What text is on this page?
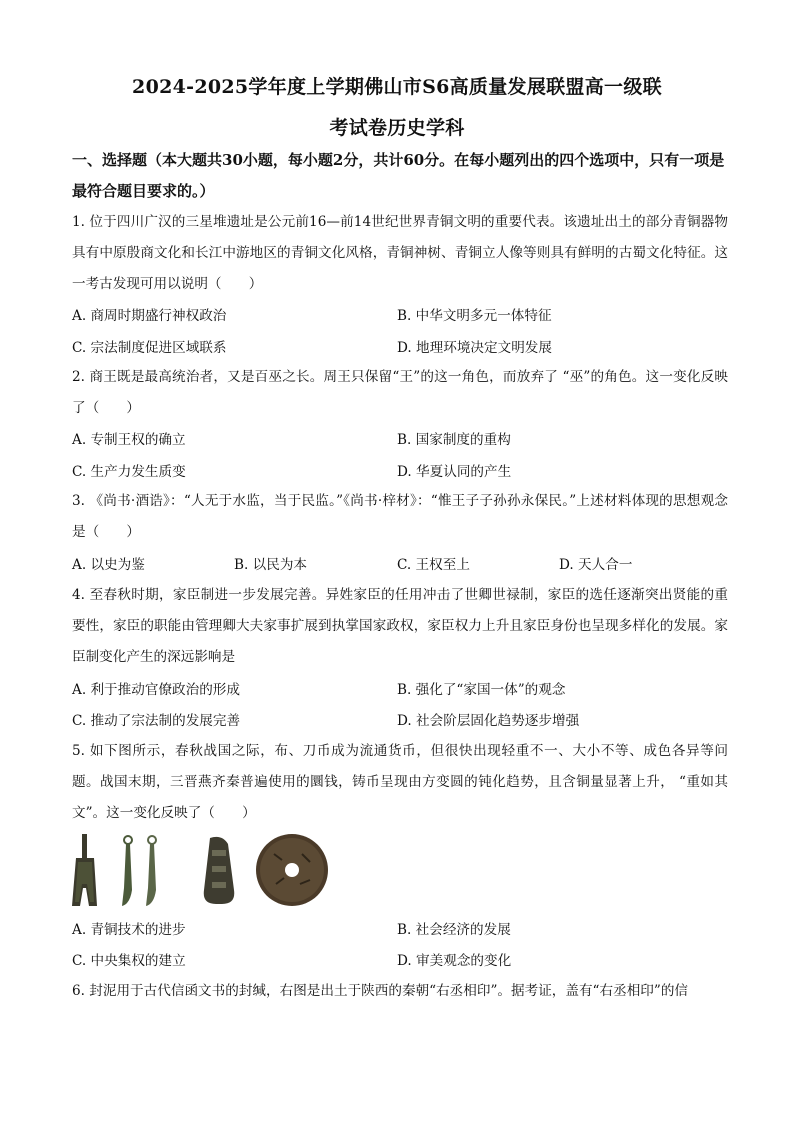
2024-2025学年度上学期佛山市S6高质量发展联盟高一级联
考试卷历史学科
一、选择题（本大题共30小题，每小题2分，共计60分。在每小题列出的四个选项中，只有一项是最符合题目要求的。）
1. 位于四川广汉的三星堆遗址是公元前16—前14世纪世界青铜文明的重要代表。该遗址出土的部分青铜器物具有中原殷商文化和长江中游地区的青铜文化风格，青铜神树、青铜立人像等则具有鲜明的古蜀文化特征。这一考古发现可用以说明（　　）
A. 商周时期盛行神权政治	B. 中华文明多元一体特征
C. 宗法制度促进区域联系	D. 地理环境决定文明发展
2. 商王既是最高统治者，又是百巫之长。周王只保留“王”的这一角色，而放弃了 “巫”的角色。这一变化反映了（　　）
A. 专制王权的确立	B. 国家制度的重构
C. 生产力发生质变	D. 华夏认同的产生
3. 《尚书·酒诰》：“人无于水监，当于民监。”《尚书·梓材》：“惟王子子孙孙永保民。”上述材料体现的思想观念是（　　）
A. 以史为鉴	B. 以民为本	C. 王权至上	D. 天人合一
4. 至春秋时期，家臣制进一步发展完善。异姓家臣的任用冲击了世卿世禄制，家臣的选任逐渐突出贤能的重要性，家臣的职能由管理卿大夫家事扩展到执掌国家政权，家臣权力上升且家臣身份也呈现多样化的发展。家臣制变化产生的深远影响是
A. 利于推动官僚政治的形成	B. 强化了“家国一体”的观念
C. 推动了宗法制的发展完善	D. 社会阶层固化趋势逐步增强
5. 如下图所示，春秋战国之际，布、刀币成为流通货币，但很快出现轻重不一、大小不等、成色各异等问题。战国末期，三晋燕齐秦普遍使用的圜钱，铸币呈现由方变圆的钝化趋势，且含铜量显著上升， “重如其文”。这一变化反映了（　　）
A. 青铜技术的进步	B. 社会经济的发展
C. 中央集权的建立	D. 审美观念的变化
6. 封泥用于古代信函文书的封缄，右图是出土于陕西的秦朝“右丞相印”。据考证，盖有“右丞相印”的信
